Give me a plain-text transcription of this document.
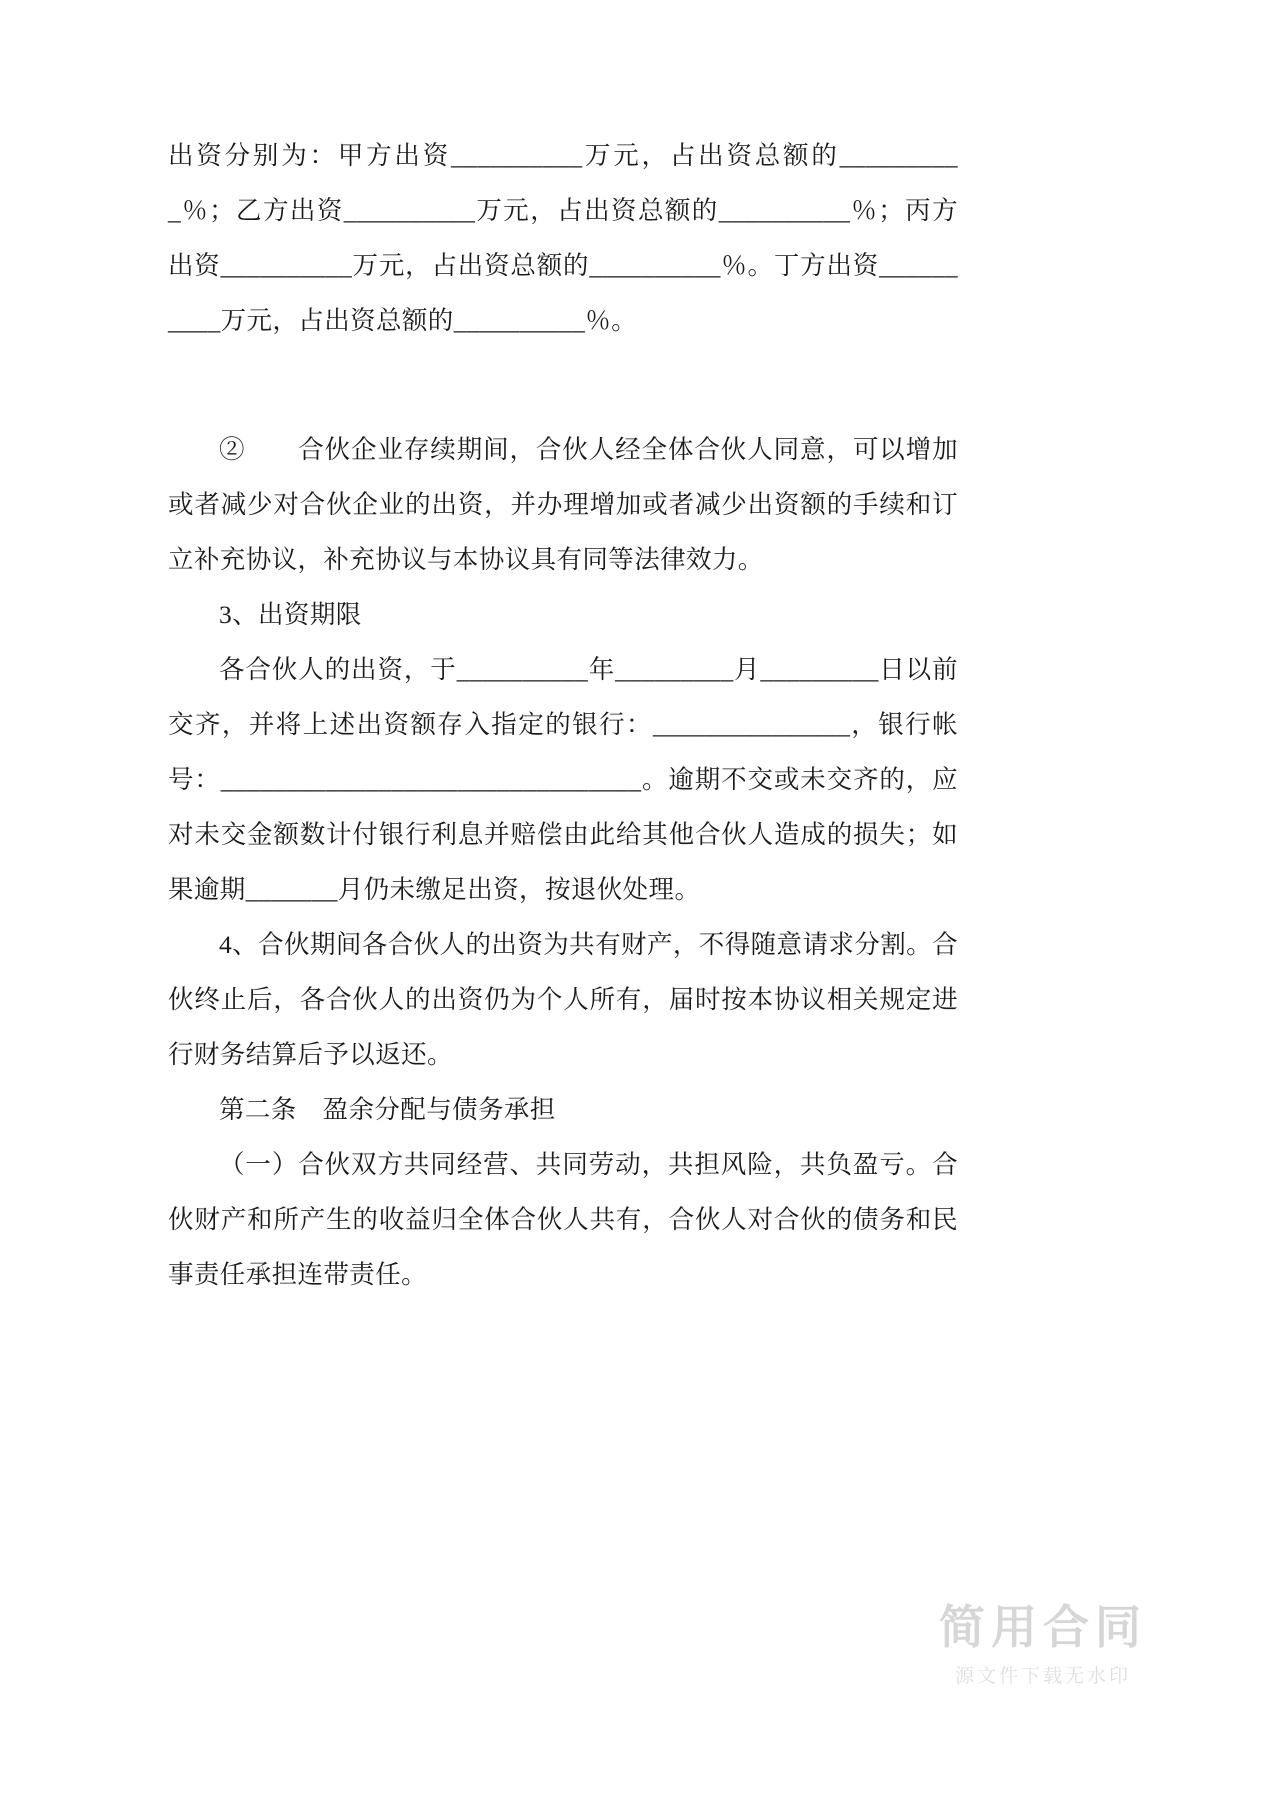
出资分别为：甲方出资__________万元，占出资总额的__________％；乙方出资__________万元，占出资总额的__________％；丙方出资__________万元，占出资总额的__________％。丁方出资__________万元，占出资总额的__________％。

②　　合伙企业存续期间，合伙人经全体合伙人同意，可以增加或者减少对合伙企业的出资，并办理增加或者减少出资额的手续和订立补充协议，补充协议与本协议具有同等法律效力。

3、出资期限

各合伙人的出资，于__________年_________月_________日以前交齐，并将上述出资额存入指定的银行：_______________，银行帐号：________________________________。逾期不交或未交齐的，应对未交金额数计付银行利息并赔偿由此给其他合伙人造成的损失；如果逾期_______月仍未缴足出资，按退伙处理。

4、合伙期间各合伙人的出资为共有财产，不得随意请求分割。合伙终止后，各合伙人的出资仍为个人所有，届时按本协议相关规定进行财务结算后予以返还。

第二条　盈余分配与债务承担

（一）合伙双方共同经营、共同劳动，共担风险，共负盈亏。合伙财产和所产生的收益归全体合伙人共有，合伙人对合伙的债务和民事责任承担连带责任。

简用合同
源文件下载无水印
